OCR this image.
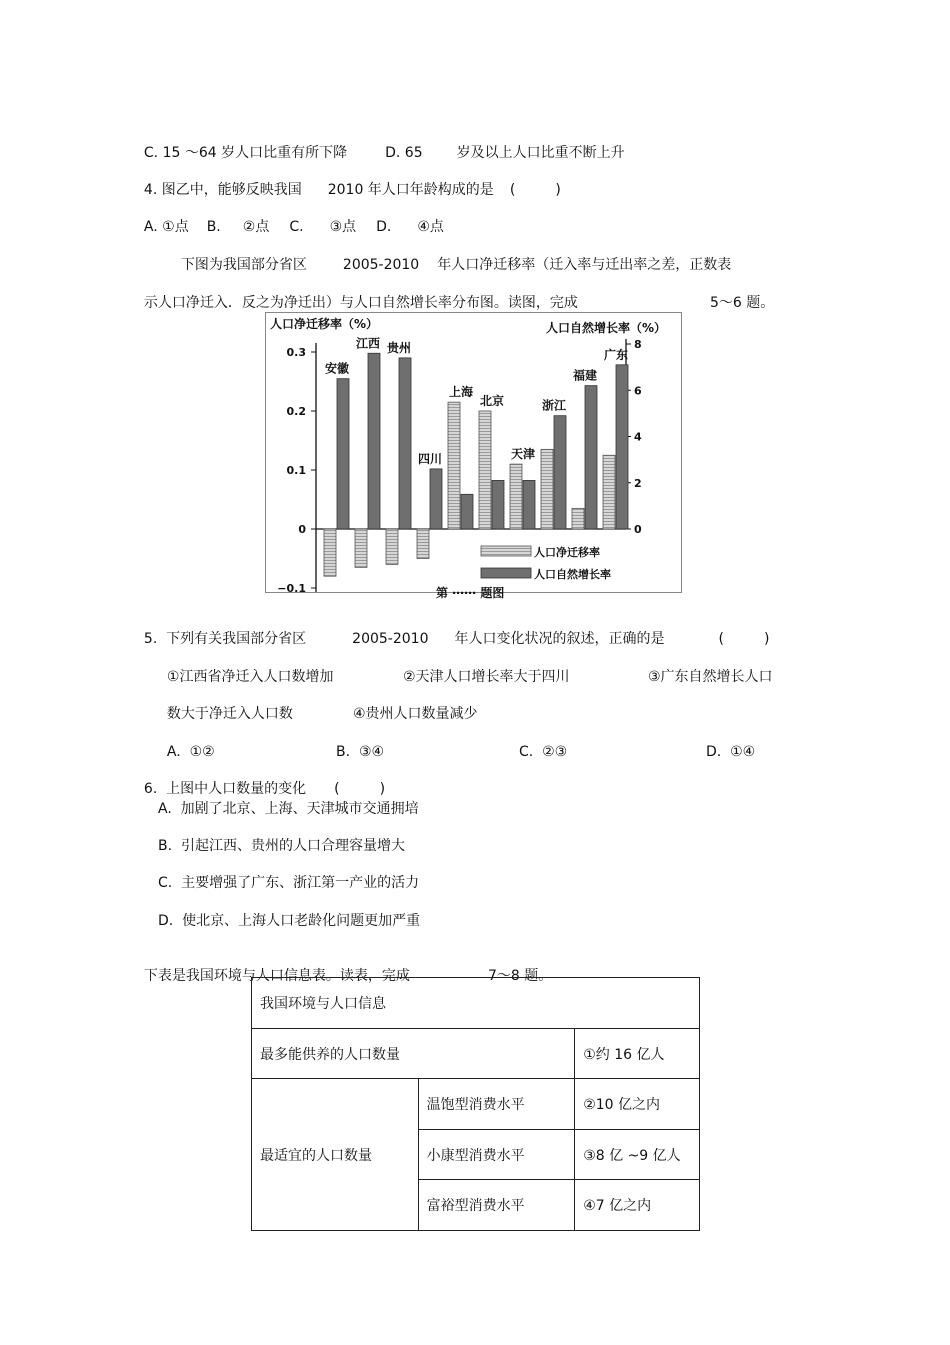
C. 15 ～64 岁人口比重有所下降	D. 65 岁及以上人口比重不断上升

4. 图乙中，能够反映我国 2010 年人口年龄构成的是 (         )

A. ①点 B. ②点 C. ③点 D. ④点

下图为我国部分省区	2005-2010 年人口净迁移率（迁入率与迁出率之差，正数表

示人口净迁入．反之为净迁出）与人口自然增长率分布图。读图，完成	5～6 题。

人口净迁移率（%）	人口自然增长率（%）
0.3
0.2
0.1
0
−0.1
8
6
4
2
0
安徽
江西 贵州
四川
上海
北京
天津
浙江
福建
广东
人口净迁移率
人口自然增长率
第 ⋯⋯ 题图

5.  下列有关我国部分省区	2005-2010 年人口变化状况的叙述，正确的是	(         )

①江西省净迁入人口数增加	②天津人口增长率大于四川	③广东自然增长人口

数大于净迁入人口数	④贵州人口数量减少

A.  ①②	B.  ③④	C.  ②③	D.  ①④

6.  上图中人口数量的变化 (         )

A.  加剧了北京、上海、天津城市交通拥培
B.  引起江西、贵州的人口合理容量增大
C.  主要增强了广东、浙江第一产业的活力
D.  使北京、上海人口老龄化问题更加严重

下表是我国环境与人口信息表。读表，完成	7～8 题。

我国环境与人口信息		
最多能供养的人口数量		①约 16 亿人
最适宜的人口数量	温饱型消费水平	②10 亿之内
	小康型消费水平	③8 亿 ~9 亿人
	富裕型消费水平	④7 亿之内
